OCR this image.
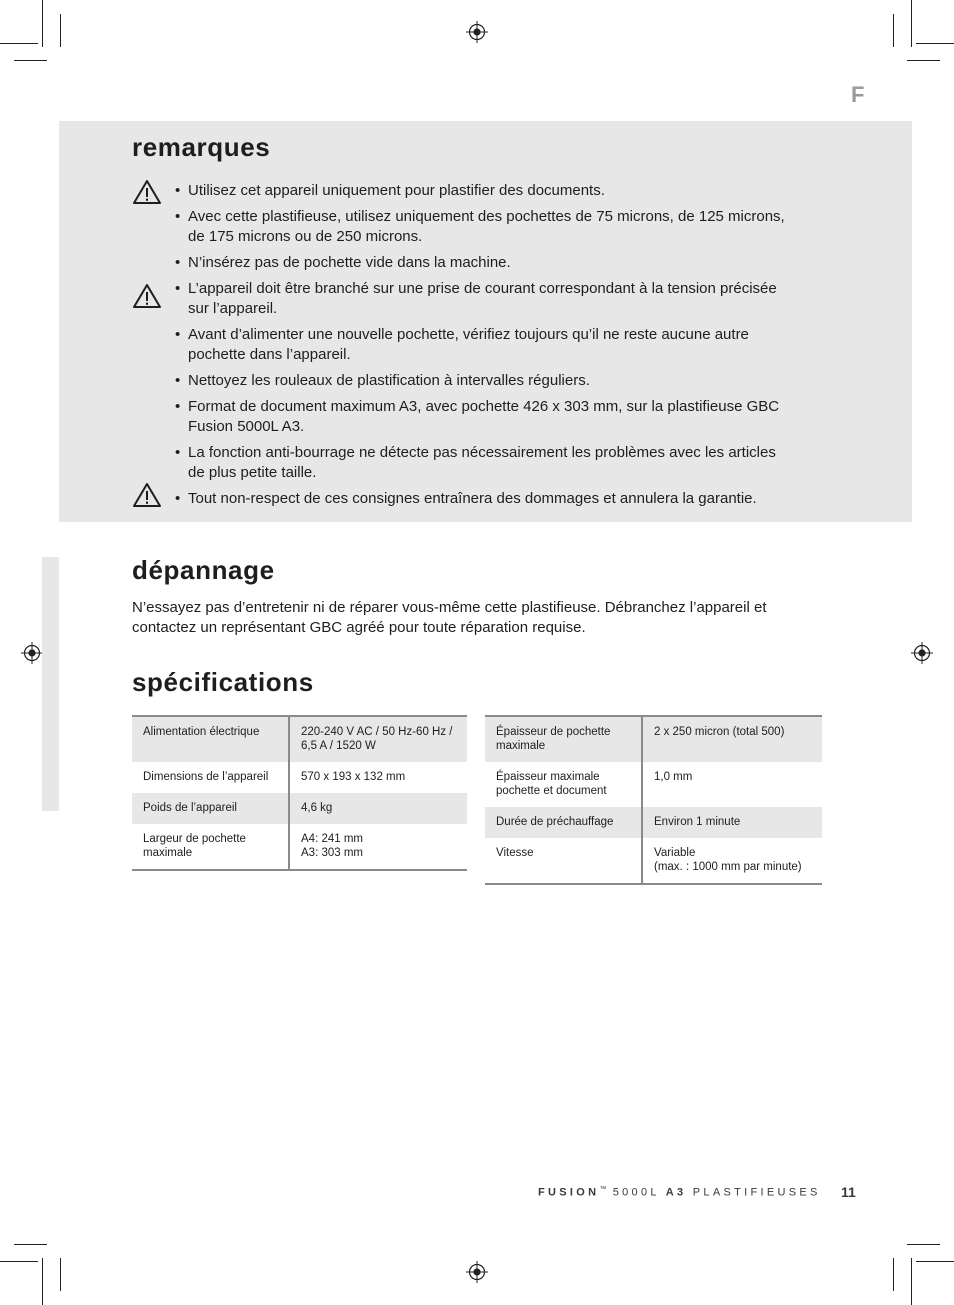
F
remarques
• Utilisez cet appareil uniquement pour plastifier des documents.
• Avec cette plastifieuse, utilisez uniquement des pochettes de 75 microns, de 125 microns, de 175 microns ou de 250 microns.
• N’insérez pas de pochette vide dans la machine.
• L’appareil doit être branché sur une prise de courant correspondant à la tension précisée sur l’appareil.
• Avant d’alimenter une nouvelle pochette, vérifiez toujours qu’il ne reste aucune autre pochette dans l’appareil.
• Nettoyez les rouleaux de plastification à intervalles réguliers.
• Format de document maximum A3, avec pochette 426 x 303 mm, sur la plastifieuse GBC Fusion 5000L A3.
• La fonction anti-bourrage ne détecte pas nécessairement les problèmes avec les articles de plus petite taille.
• Tout non-respect de ces consignes entraînera des dommages et annulera la garantie.
dépannage

N’essayez pas d’entretenir ni de réparer vous-même cette plastifieuse. Débranchez l’appareil et contactez un représentant GBC agréé pour toute réparation requise.

spécifications
Alimentation électrique	220-240 V AC / 50 Hz-60 Hz /
6,5 A / 1520 W
Dimensions de l’appareil	570 x 193 x 132 mm
Poids de l’appareil	4,6 kg
Largeur de pochette maximale	A4: 241 mm
A3: 303 mm
Épaisseur de pochette maximale	2 x 250 micron (total 500)
Épaisseur maximale pochette et document	1,0 mm
Durée de préchauffage	Environ 1 minute
Vitesse	Variable
(max. : 1000 mm par minute)
FUSION™ 5000L A3 PLASTIFIEUSES 11
